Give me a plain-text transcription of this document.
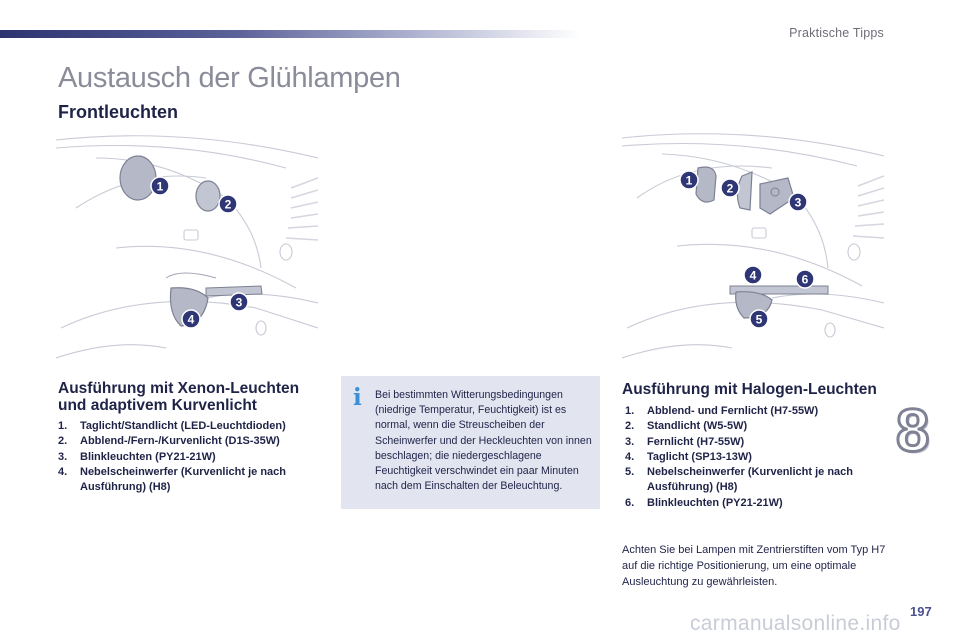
Praktische Tipps
Austausch der Glühlampen
Frontleuchten
1
2
3
4
1
2
3
4
5
6
Ausführung mit Xenon-Leuchten
und adaptivem Kurvenlicht
1. Taglicht/Standlicht (LED-Leuchtdioden)
2. Abblend-/Fern-/Kurvenlicht (D1S-35W)
3. Blinkleuchten (PY21-21W)
4. Nebelscheinwerfer (Kurvenlicht je nach Ausführung) (H8)
i	Bei bestimmten Witterungsbedingungen (niedrige Temperatur, Feuchtigkeit) ist es normal, wenn die Streuscheiben der Scheinwerfer und der Heckleuchten von innen beschlagen; die niedergeschlagene Feuchtigkeit verschwindet ein paar Minuten nach dem Einschalten der Beleuchtung.
Ausführung mit Halogen-Leuchten
1. Abblend- und Fernlicht (H7-55W)
2. Standlicht (W5-5W)
3. Fernlicht (H7-55W)
4. Taglicht (SP13-13W)
5. Nebelscheinwerfer (Kurvenlicht je nach Ausführung) (H8)
6. Blinkleuchten (PY21-21W)
Achten Sie bei Lampen mit Zentrierstiften vom Typ H7 auf die richtige Positionierung, um eine optimale Ausleuchtung zu gewährleisten.
8
carmanualsonline.info
197
